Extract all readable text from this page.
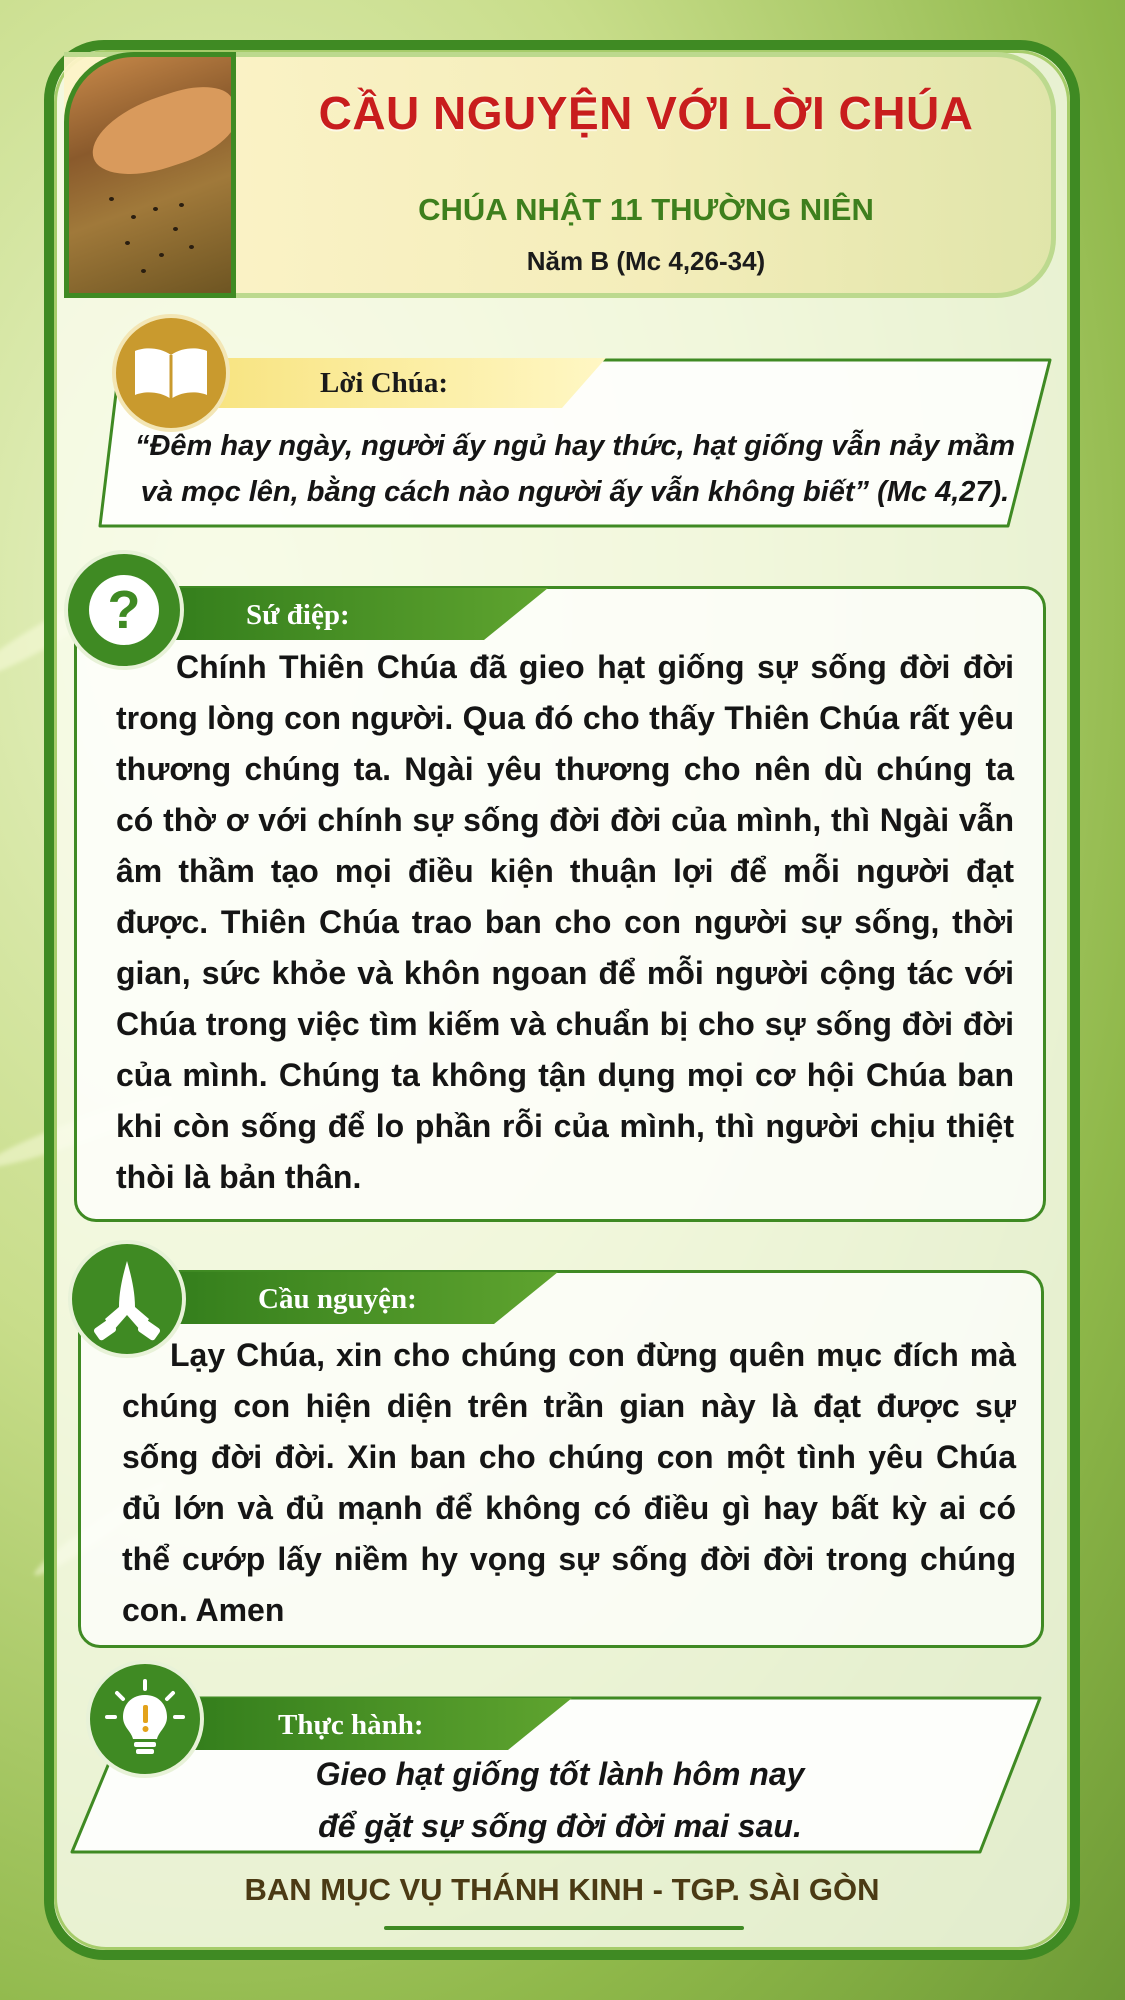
CẦU NGUYỆN VỚI LỜI CHÚA
CHÚA NHẬT 11 THƯỜNG NIÊN
Năm B (Mc 4,26-34)
Lời Chúa:
“Đêm hay ngày, người ấy ngủ hay thức, hạt giống vẫn nảy mầm
và mọc lên, bằng cách nào người ấy vẫn không biết” (Mc 4,27).
Sứ điệp:
?
Chính Thiên Chúa đã gieo hạt giống sự sống đời đời trong lòng con người. Qua đó cho thấy Thiên Chúa rất yêu thương chúng ta. Ngài yêu thương cho nên dù chúng ta có thờ ơ với chính sự sống đời đời của mình, thì Ngài vẫn âm thầm tạo mọi điều kiện thuận lợi để mỗi người đạt được. Thiên Chúa trao ban cho con người sự sống, thời gian, sức khỏe và khôn ngoan để mỗi người cộng tác với Chúa trong việc tìm kiếm và chuẩn bị cho sự sống đời đời của mình. Chúng ta không tận dụng mọi cơ hội Chúa ban khi còn sống để lo phần rỗi của mình, thì người chịu thiệt thòi là bản thân.
Cầu nguyện:
Lạy Chúa, xin cho chúng con đừng quên mục đích mà chúng con hiện diện trên trần gian này là đạt được sự sống đời đời. Xin ban cho chúng con một tình yêu Chúa đủ lớn và đủ mạnh để không có điều gì hay bất kỳ ai có thể cướp lấy niềm hy vọng sự sống đời đời trong chúng con. Amen
Thực hành:
Gieo hạt giống tốt lành hôm nay
để gặt sự sống đời đời mai sau.
BAN MỤC VỤ THÁNH KINH - TGP. SÀI GÒN
